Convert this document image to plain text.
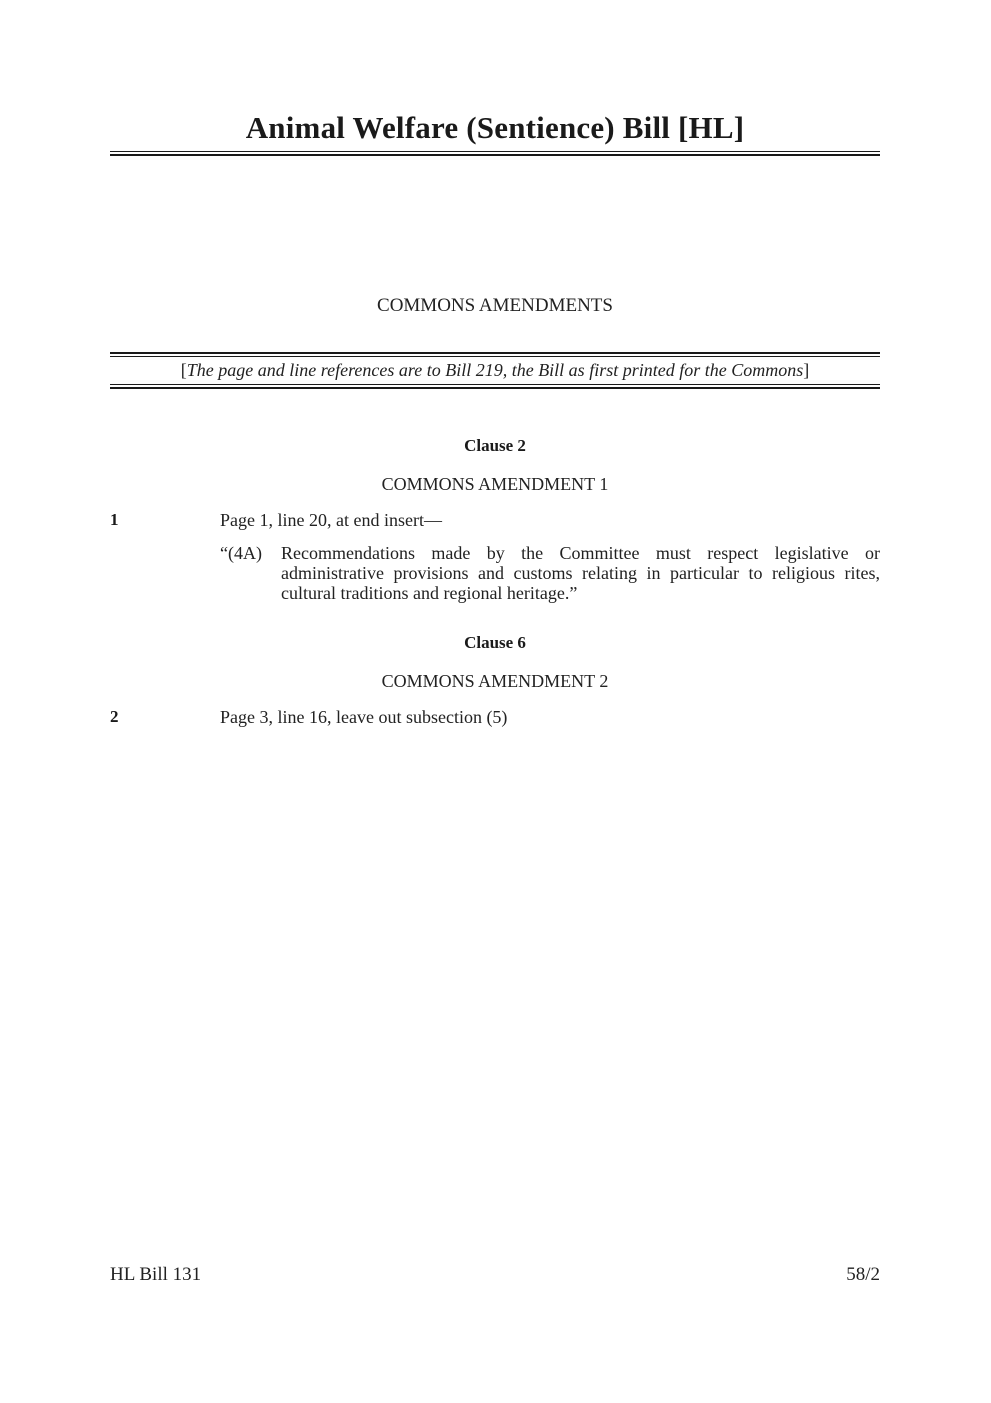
Animal Welfare (Sentience) Bill [HL]
COMMONS AMENDMENTS
[The page and line references are to Bill 219, the Bill as first printed for the Commons]
Clause 2
COMMONS AMENDMENT 1
1	Page 1, line 20, at end insert—
“(4A) Recommendations made by the Committee must respect legislative or administrative provisions and customs relating in particular to religious rites, cultural traditions and regional heritage.”
Clause 6
COMMONS AMENDMENT 2
2	Page 3, line 16, leave out subsection (5)
HL Bill 131	58/2
